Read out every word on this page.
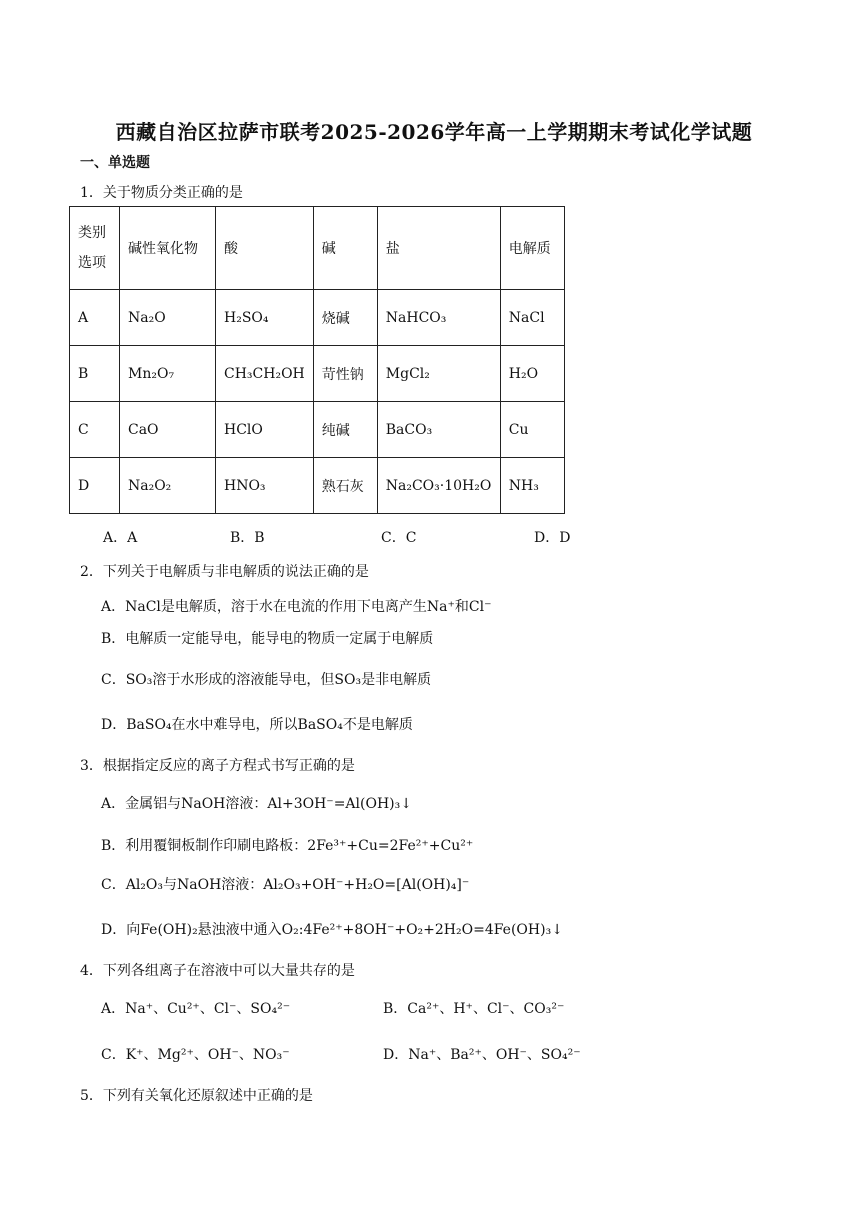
西藏自治区拉萨市联考2025-2026学年高一上学期期末考试化学试题
一、单选题
1．关于物质分类正确的是
类别
选项	碱性氧化物	酸	碱	盐	电解质
A	Na₂O	H₂SO₄	烧碱	NaHCO₃	NaCl
B	Mn₂O₇	CH₃CH₂OH	苛性钠	MgCl₂	H₂O
C	CaO	HClO	纯碱	BaCO₃	Cu
D	Na₂O₂	HNO₃	熟石灰	Na₂CO₃·10H₂O	NH₃
A．A	B．B	C．C	D．D
2．下列关于电解质与非电解质的说法正确的是
A．NaCl是电解质，溶于水在电流的作用下电离产生Na⁺和Cl⁻
B．电解质一定能导电，能导电的物质一定属于电解质
C．SO₃溶于水形成的溶液能导电，但SO₃是非电解质
D．BaSO₄在水中难导电，所以BaSO₄不是电解质
3．根据指定反应的离子方程式书写正确的是
A．金属铝与NaOH溶液：Al+3OH⁻=Al(OH)₃↓
B．利用覆铜板制作印刷电路板：2Fe³⁺+Cu=2Fe²⁺+Cu²⁺
C．Al₂O₃与NaOH溶液：Al₂O₃+OH⁻+H₂O=[Al(OH)₄]⁻
D．向Fe(OH)₂悬浊液中通入O₂:4Fe²⁺+8OH⁻+O₂+2H₂O=4Fe(OH)₃↓
4．下列各组离子在溶液中可以大量共存的是
A．Na⁺、Cu²⁺、Cl⁻、SO₄²⁻	B．Ca²⁺、H⁺、Cl⁻、CO₃²⁻
C．K⁺、Mg²⁺、OH⁻、NO₃⁻	D．Na⁺、Ba²⁺、OH⁻、SO₄²⁻
5．下列有关氧化还原叙述中正确的是
